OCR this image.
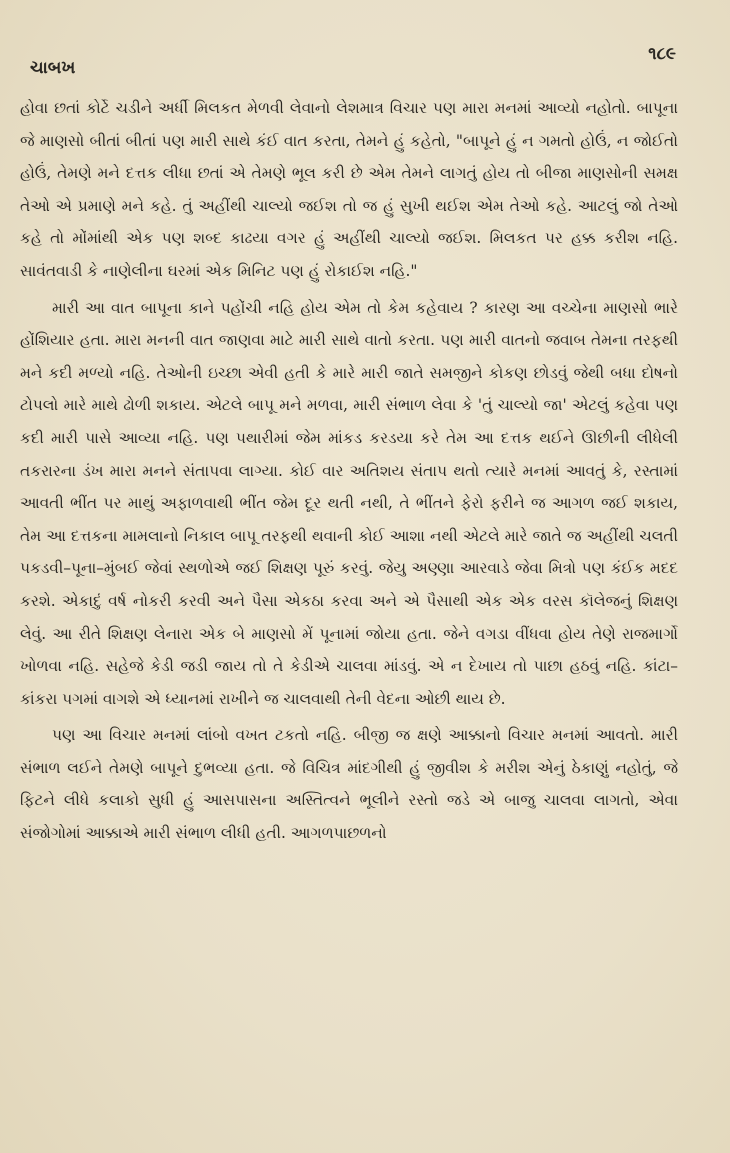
ચાબખ
૧૮૯

હોવા છતાં કોર્ટે ચડીને અર્ધી મિલકત મેળવી લેવાનો લેશમાત્ર વિચાર પણ મારા મનમાં આવ્યો નહોતો. બાપૂના જે માણસો બીતાં બીતાં પણ મારી સાથે કંઈ વાત કરતા, તેમને હું કહેતો, "બાપૂને હું ન ગમતો હોઉં, ન જોઈતો હોઉં, તેમણે મને દત્તક લીધા છતાં એ તેમણે ભૂલ કરી છે એમ તેમને લાગતું હોય તો બીજા માણસોની સમક્ષ તેઓ એ પ્રમાણે મને કહે. તું અહીંથી ચાલ્યો જઈશ તો જ હું સુખી થઈશ એમ તેઓ કહે. આટલું જો તેઓ કહે તો મોંમાંથી એક પણ શબ્દ કાઢયા વગર હું અહીંથી ચાલ્યો જઈશ. મિલકત પર હક્ક કરીશ નહિ. સાવંતવાડી કે નાણેલીના ઘરમાં એક મિનિટ પણ હું રોકાઈશ નહિ."

મારી આ વાત બાપૂના કાને પહોંચી નહિ હોય એમ તો કેમ કહેવાય ? કારણ આ વચ્ચેના માણસો ભારે હોંશિયાર હતા. મારા મનની વાત જાણવા માટે મારી સાથે વાતો કરતા. પણ મારી વાતનો જવાબ તેમના તરફથી મને કદી મળ્યો નહિ. તેઓની ઇચ્છા એવી હતી કે મારે મારી જાતે સમજીને કોકણ છોડવું જેથી બધા દોષનો ટોપલો મારે માથે ઢોળી શકાય. એટલે બાપૂ મને મળવા, મારી સંભાળ લેવા કે 'તું ચાલ્યો જા' એટલું કહેવા પણ કદી મારી પાસે આવ્યા નહિ. પણ પથારીમાં જેમ માંકડ કરડયા કરે તેમ આ દત્તક થઈને ઊછીની લીધેલી તકરારના ડંખ મારા મનને સંતાપવા લાગ્યા. કોઈ વાર અતિશય સંતાપ થતો ત્યારે મનમાં આવતું કે, રસ્તામાં આવતી ભીંત પર માથું અફાળવાથી ભીંત જેમ દૂર થતી નથી, તે ભીંતને ફેરો ફરીને જ આગળ જઈ શકાય, તેમ આ દત્તકના મામલાનો નિકાલ બાપૂ તરફથી થવાની કોઈ આશા નથી એટલે મારે જાતે જ અહીંથી ચલતી પકડવી–પૂના–મુંબઈ જેવાં સ્થળોએ જઈ શિક્ષણ પૂરું કરવું. જેયુ અણ્ણા આરવાડે જેવા મિત્રો પણ કંઈક મદદ કરશે. એકાદું વર્ષ નોકરી કરવી અને પૈસા એકઠા કરવા અને એ પૈસાથી એક એક વરસ કૉલેજનું શિક્ષણ લેવું. આ રીતે શિક્ષણ લેનારા એક બે માણસો મેં પૂનામાં જોયા હતા. જેને વગડા વીંધવા હોય તેણે રાજમાર્ગો ખોળવા નહિ. સહેજે કેડી જડી જાય તો તે કેડીએ ચાલવા માંડવું. એ ન દેખાય તો પાછા હઠવું નહિ. કાંટા–કાંકરા પગમાં વાગશે એ ધ્યાનમાં રાખીને જ ચાલવાથી તેની વેદના ઓછી થાય છે.

પણ આ વિચાર મનમાં લાંબો વખત ટકતો નહિ. બીજી જ ક્ષણે આક્કાનો વિચાર મનમાં આવતો. મારી સંભાળ લઈને તેમણે બાપૂને દુભવ્યા હતા. જે વિચિત્ર માંદગીથી હું જીવીશ કે મરીશ એનું ઠેકાણું નહોતું, જે ફિટને લીધે કલાકો સુધી હું આસપાસના અસ્તિત્વને ભૂલીને રસ્તો જડે એ બાજુ ચાલવા લાગતો, એવા સંજોગોમાં આક્કાએ મારી સંભાળ લીધી હતી. આગળપાછળનો
